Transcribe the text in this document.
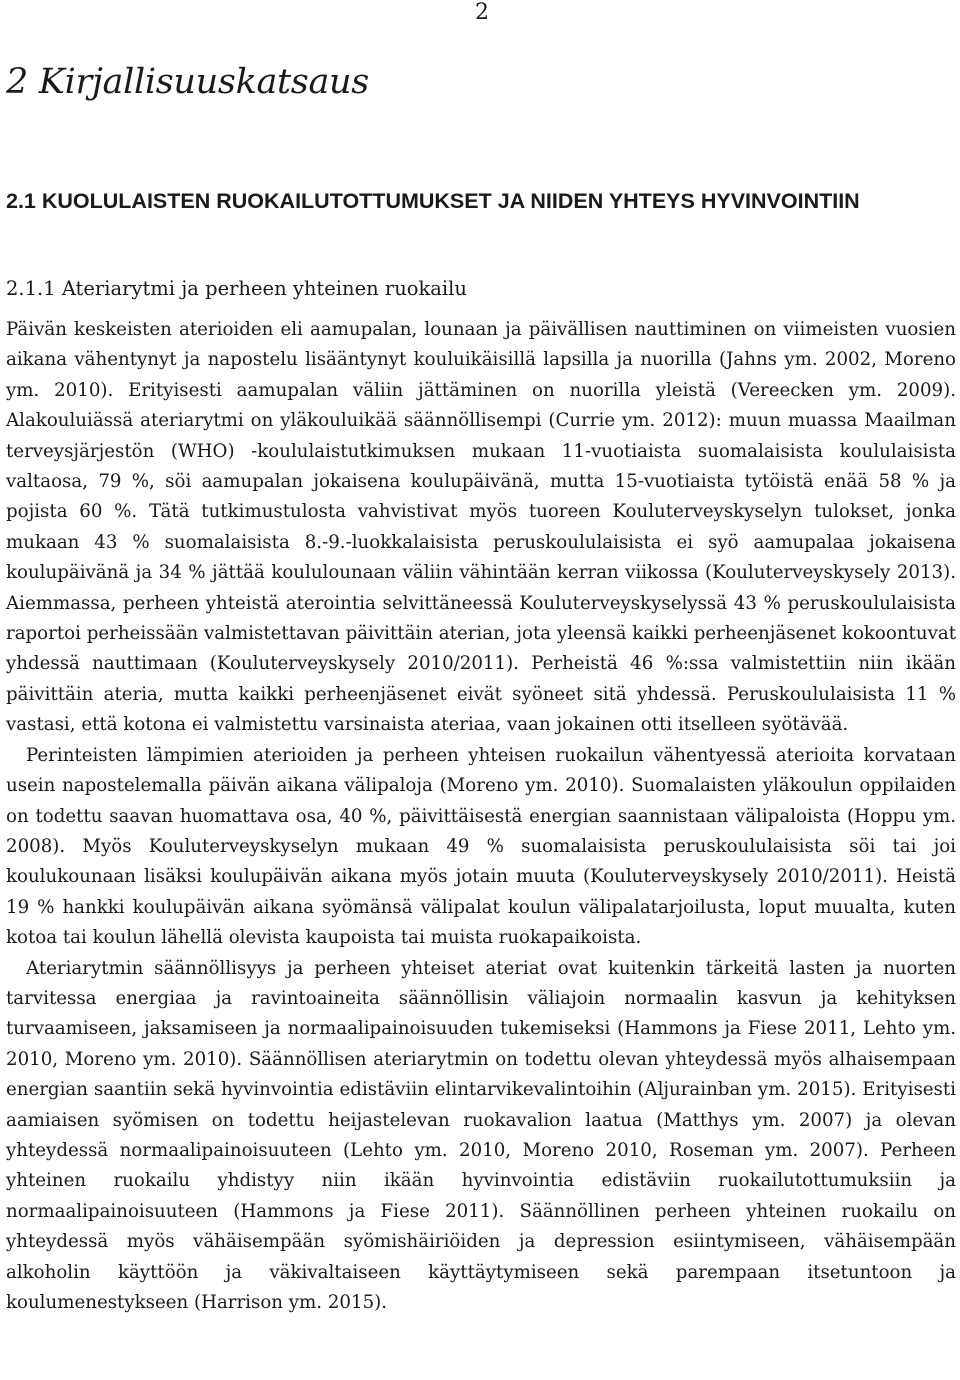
2
2 Kirjallisuuskatsaus
2.1 KUOLULAISTEN RUOKAILUTOTTUMUKSET JA NIIDEN YHTEYS HYVINVOINTIIN
2.1.1 Ateriarytmi ja perheen yhteinen ruokailu

Päivän keskeisten aterioiden eli aamupalan, lounaan ja päivällisen nauttiminen on viimeisten vuosien aikana vähentynyt ja napostelu lisääntynyt kouluikäisillä lapsilla ja nuorilla (Jahns ym. 2002, Moreno ym. 2010). Erityisesti aamupalan väliin jättäminen on nuorilla yleistä (Vereecken ym. 2009). Alakouluiässä ateriarytmi on yläkouluikää säännöllisempi (Currie ym. 2012): muun muassa Maailman terveysjärjestön (WHO) -koululaistutkimuksen mukaan 11-vuotiaista suomalaisista koululaisista valtaosa, 79 %, söi aamupalan jokaisena koulupäivänä, mutta 15-vuotiaista tytöistä enää 58 % ja pojista 60 %. Tätä tutkimustulosta vahvistivat myös tuoreen Kouluterveyskyselyn tulokset, jonka mukaan 43 % suomalaisista 8.-9.-luokkalaisista peruskoululaisista ei syö aamupalaa jokaisena koulupäivänä ja 34 % jättää koululounaan väliin vähintään kerran viikossa (Kouluterveyskysely 2013). Aiemmassa, perheen yhteistä aterointia selvittäneessä Kouluterveyskyselyssä 43 % peruskoululaisista raportoi perheissään valmistettavan päivittäin aterian, jota yleensä kaikki perheenjäsenet kokoontuvat yhdessä nauttimaan (Kouluterveyskysely 2010/2011). Perheistä 46 %:ssa valmistettiin niin ikään päivittäin ateria, mutta kaikki perheenjäsenet eivät syöneet sitä yhdessä. Peruskoululaisista 11 % vastasi, että kotona ei valmistettu varsinaista ateriaa, vaan jokainen otti itselleen syötävää.

Perinteisten lämpimien aterioiden ja perheen yhteisen ruokailun vähentyessä aterioita korvataan usein napostelemalla päivän aikana välipaloja (Moreno ym. 2010). Suomalaisten yläkoulun oppilaiden on todettu saavan huomattava osa, 40 %, päivittäisestä energian saannistaan välipaloista (Hoppu ym. 2008). Myös Kouluterveyskyselyn mukaan 49 % suomalaisista peruskoululaisista söi tai joi koulukounaan lisäksi koulupäivän aikana myös jotain muuta (Kouluterveyskysely 2010/2011). Heistä 19 % hankki koulupäivän aikana syömänsä välipalat koulun välipalatarjoilusta, loput muualta, kuten kotoa tai koulun lähellä olevista kaupoista tai muista ruokapaikoista.

Ateriarytmin säännöllisyys ja perheen yhteiset ateriat ovat kuitenkin tärkeitä lasten ja nuorten tarvitessa energiaa ja ravintoaineita säännöllisin väliajoin normaalin kasvun ja kehityksen turvaamiseen, jaksamiseen ja normaalipainoisuuden tukemiseksi (Hammons ja Fiese 2011, Lehto ym. 2010, Moreno ym. 2010). Säännöllisen ateriarytmin on todettu olevan yhteydessä myös alhaisempaan energian saantiin sekä hyvinvointia edistäviin elintarvikevalintoihin (Aljurainban ym. 2015). Erityisesti aamiaisen syömisen on todettu heijastelevan ruokavalion laatua (Matthys ym. 2007) ja olevan yhteydessä normaalipainoisuuteen (Lehto ym. 2010, Moreno 2010, Roseman ym. 2007). Perheen yhteinen ruokailu yhdistyy niin ikään hyvinvointia edistäviin ruokailutottumuksiin ja normaalipainoisuuteen (Hammons ja Fiese 2011). Säännöllinen perheen yhteinen ruokailu on yhteydessä myös vähäisempään syömishäiriöiden ja depression esiintymiseen, vähäisempään alkoholin käyttöön ja väkivaltaiseen käyttäytymiseen sekä parempaan itsetuntoon ja koulumenestykseen (Harrison ym. 2015).
